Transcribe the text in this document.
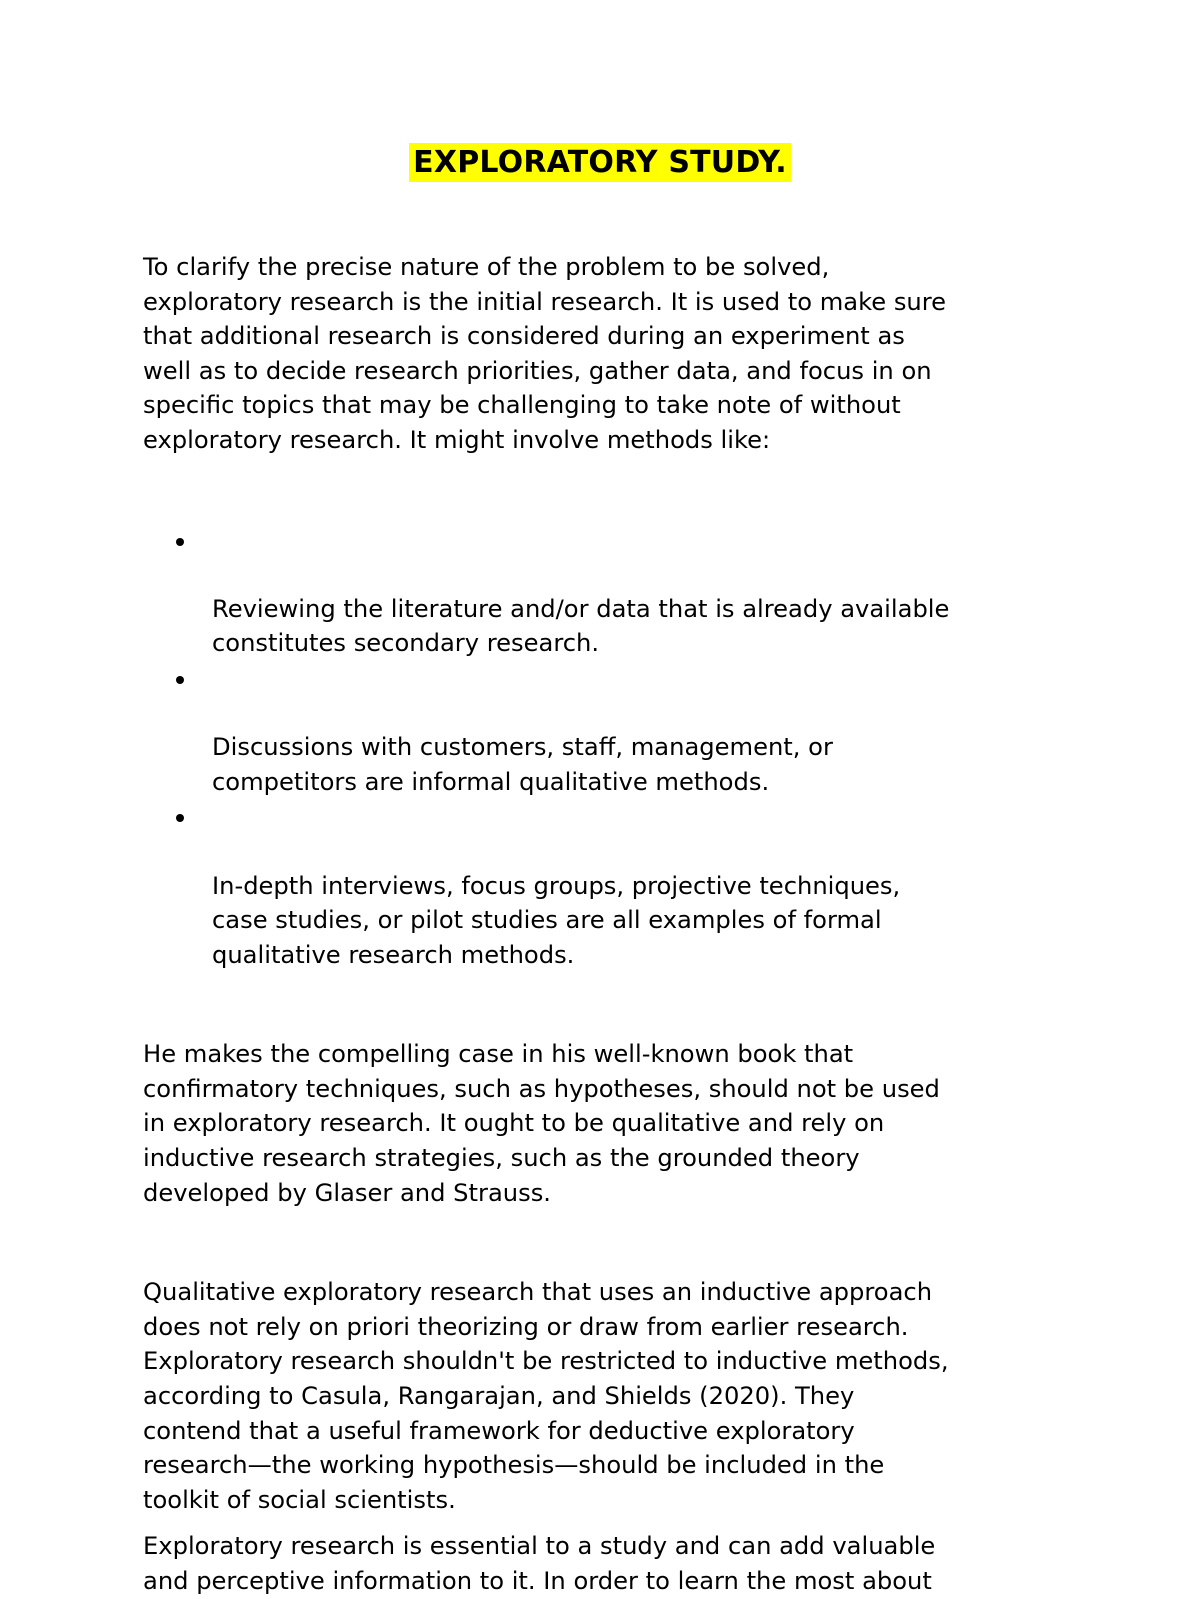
EXPLORATORY STUDY.

To clarify the precise nature of the problem to be solved,
exploratory research is the initial research. It is used to make sure
that additional research is considered during an experiment as
well as to decide research priorities, gather data, and focus in on
specific topics that may be challenging to take note of without
exploratory research. It might involve methods like:

Reviewing the literature and/or data that is already available
constitutes secondary research.

Discussions with customers, staff, management, or
competitors are informal qualitative methods.

In-depth interviews, focus groups, projective techniques,
case studies, or pilot studies are all examples of formal
qualitative research methods.

He makes the compelling case in his well-known book that
confirmatory techniques, such as hypotheses, should not be used
in exploratory research. It ought to be qualitative and rely on
inductive research strategies, such as the grounded theory
developed by Glaser and Strauss.

Qualitative exploratory research that uses an inductive approach
does not rely on priori theorizing or draw from earlier research.
Exploratory research shouldn't be restricted to inductive methods,
according to Casula, Rangarajan, and Shields (2020). They
contend that a useful framework for deductive exploratory
research—the working hypothesis—should be included in the
toolkit of social scientists.

Exploratory research is essential to a study and can add valuable
and perceptive information to it. In order to learn the most about
